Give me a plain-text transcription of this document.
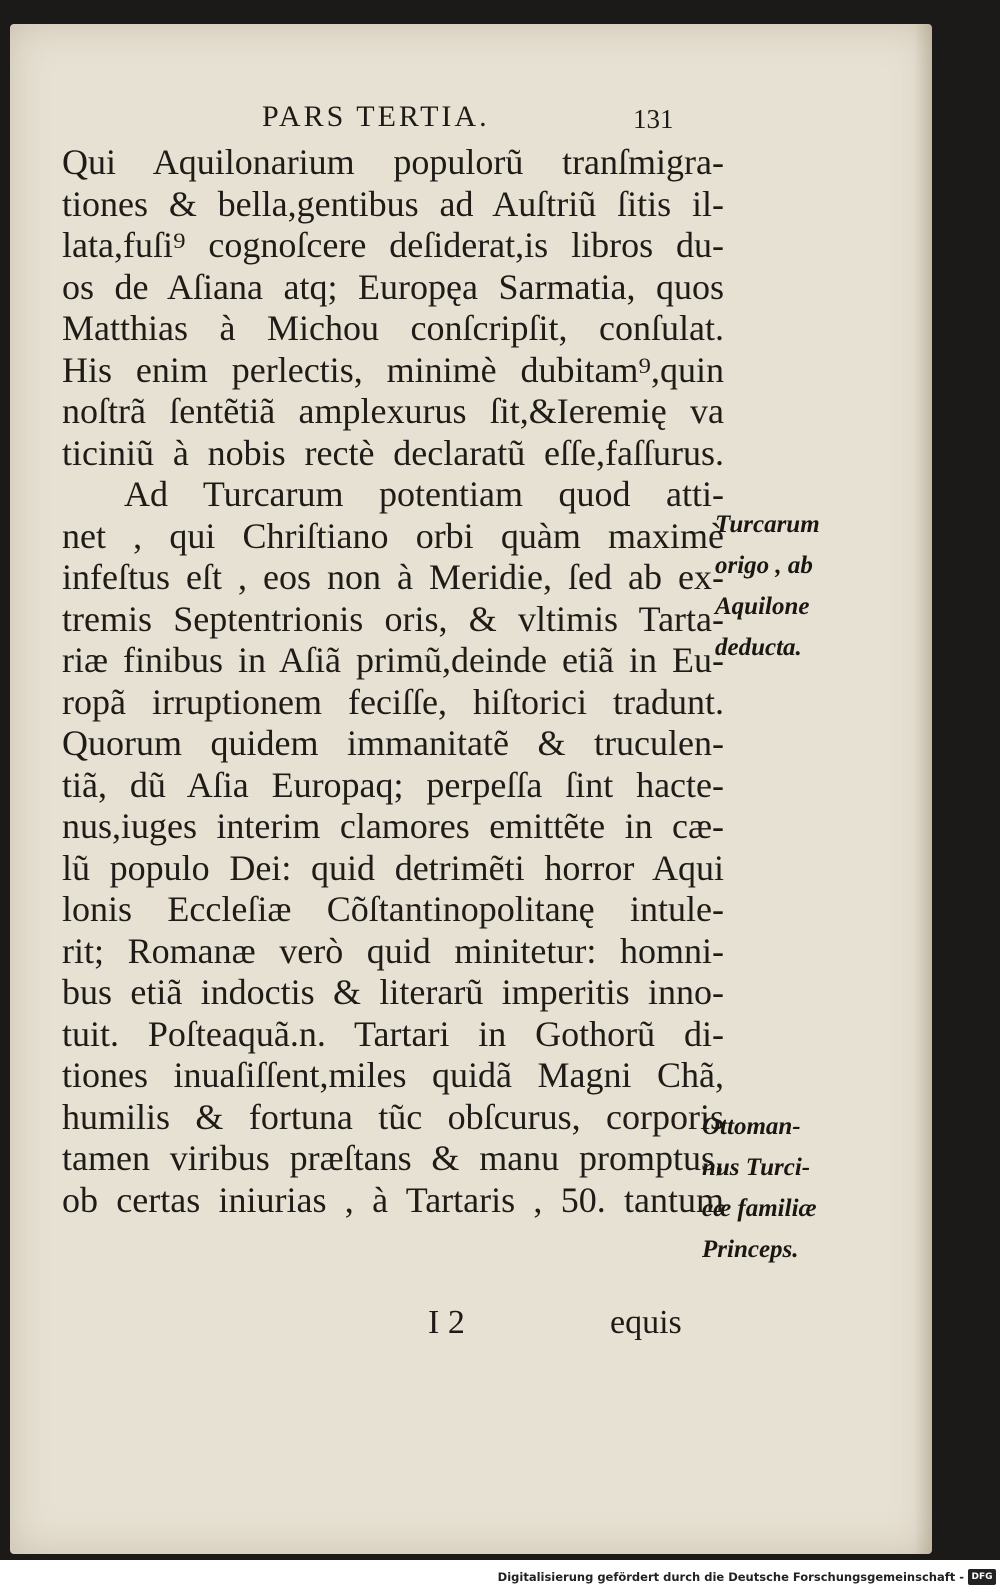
PARS TERTIA.	131
Qui Aquilonarium populorũ tranſmigra-
tiones & bella,gentibus ad Auſtriũ ſitis il-
lata,fuſi⁹ cognoſcere deſiderat,is libros du-
os de Aſiana atq; Europęa Sarmatia, quos
Matthias à Michou conſcripſit, conſulat.
His enim perlectis, minimè dubitam⁹,quin
noſtrã ſentẽtiã amplexurus ſit,&Ieremię va
ticiniũ à nobis rectè declaratũ eſſe,faſſurus.
Ad Turcarum potentiam quod atti-
net , qui Chriſtiano orbi quàm maximè
infeſtus eſt , eos non à Meridie, ſed ab ex-
tremis Septentrionis oris, & vltimis Tarta-
riæ finibus in Aſiã primũ,deinde etiã in Eu-
ropã irruptionem feciſſe, hiſtorici tradunt.
Quorum quidem immanitatẽ & truculen-
tiã, dũ Aſia Europaq; perpeſſa ſint hacte-
nus,iuges interim clamores emittẽte in cæ-
lũ populo Dei: quid detrimẽti horror Aqui
lonis Eccleſiæ Cõſtantinopolitanę intule-
rit; Romanæ verò quid minitetur: homni-
bus etiã indoctis & literarũ imperitis inno-
tuit. Poſteaquã.n. Tartari in Gothorũ di-
tiones inuaſiſſent,miles quidã Magni Chã,
humilis & fortuna tũc obſcurus, corporis
tamen viribus præſtans & manu promptus,
ob certas iniurias , à Tartaris , 50. tantum
Turcarum
origo , ab
Aquilone
deducta.
Ottoman-
nus Turci-
cæ familiæ
Princeps.
I 2	equis
Digitalisierung gefördert durch die Deutsche Forschungsgemeinschaft - DFG
